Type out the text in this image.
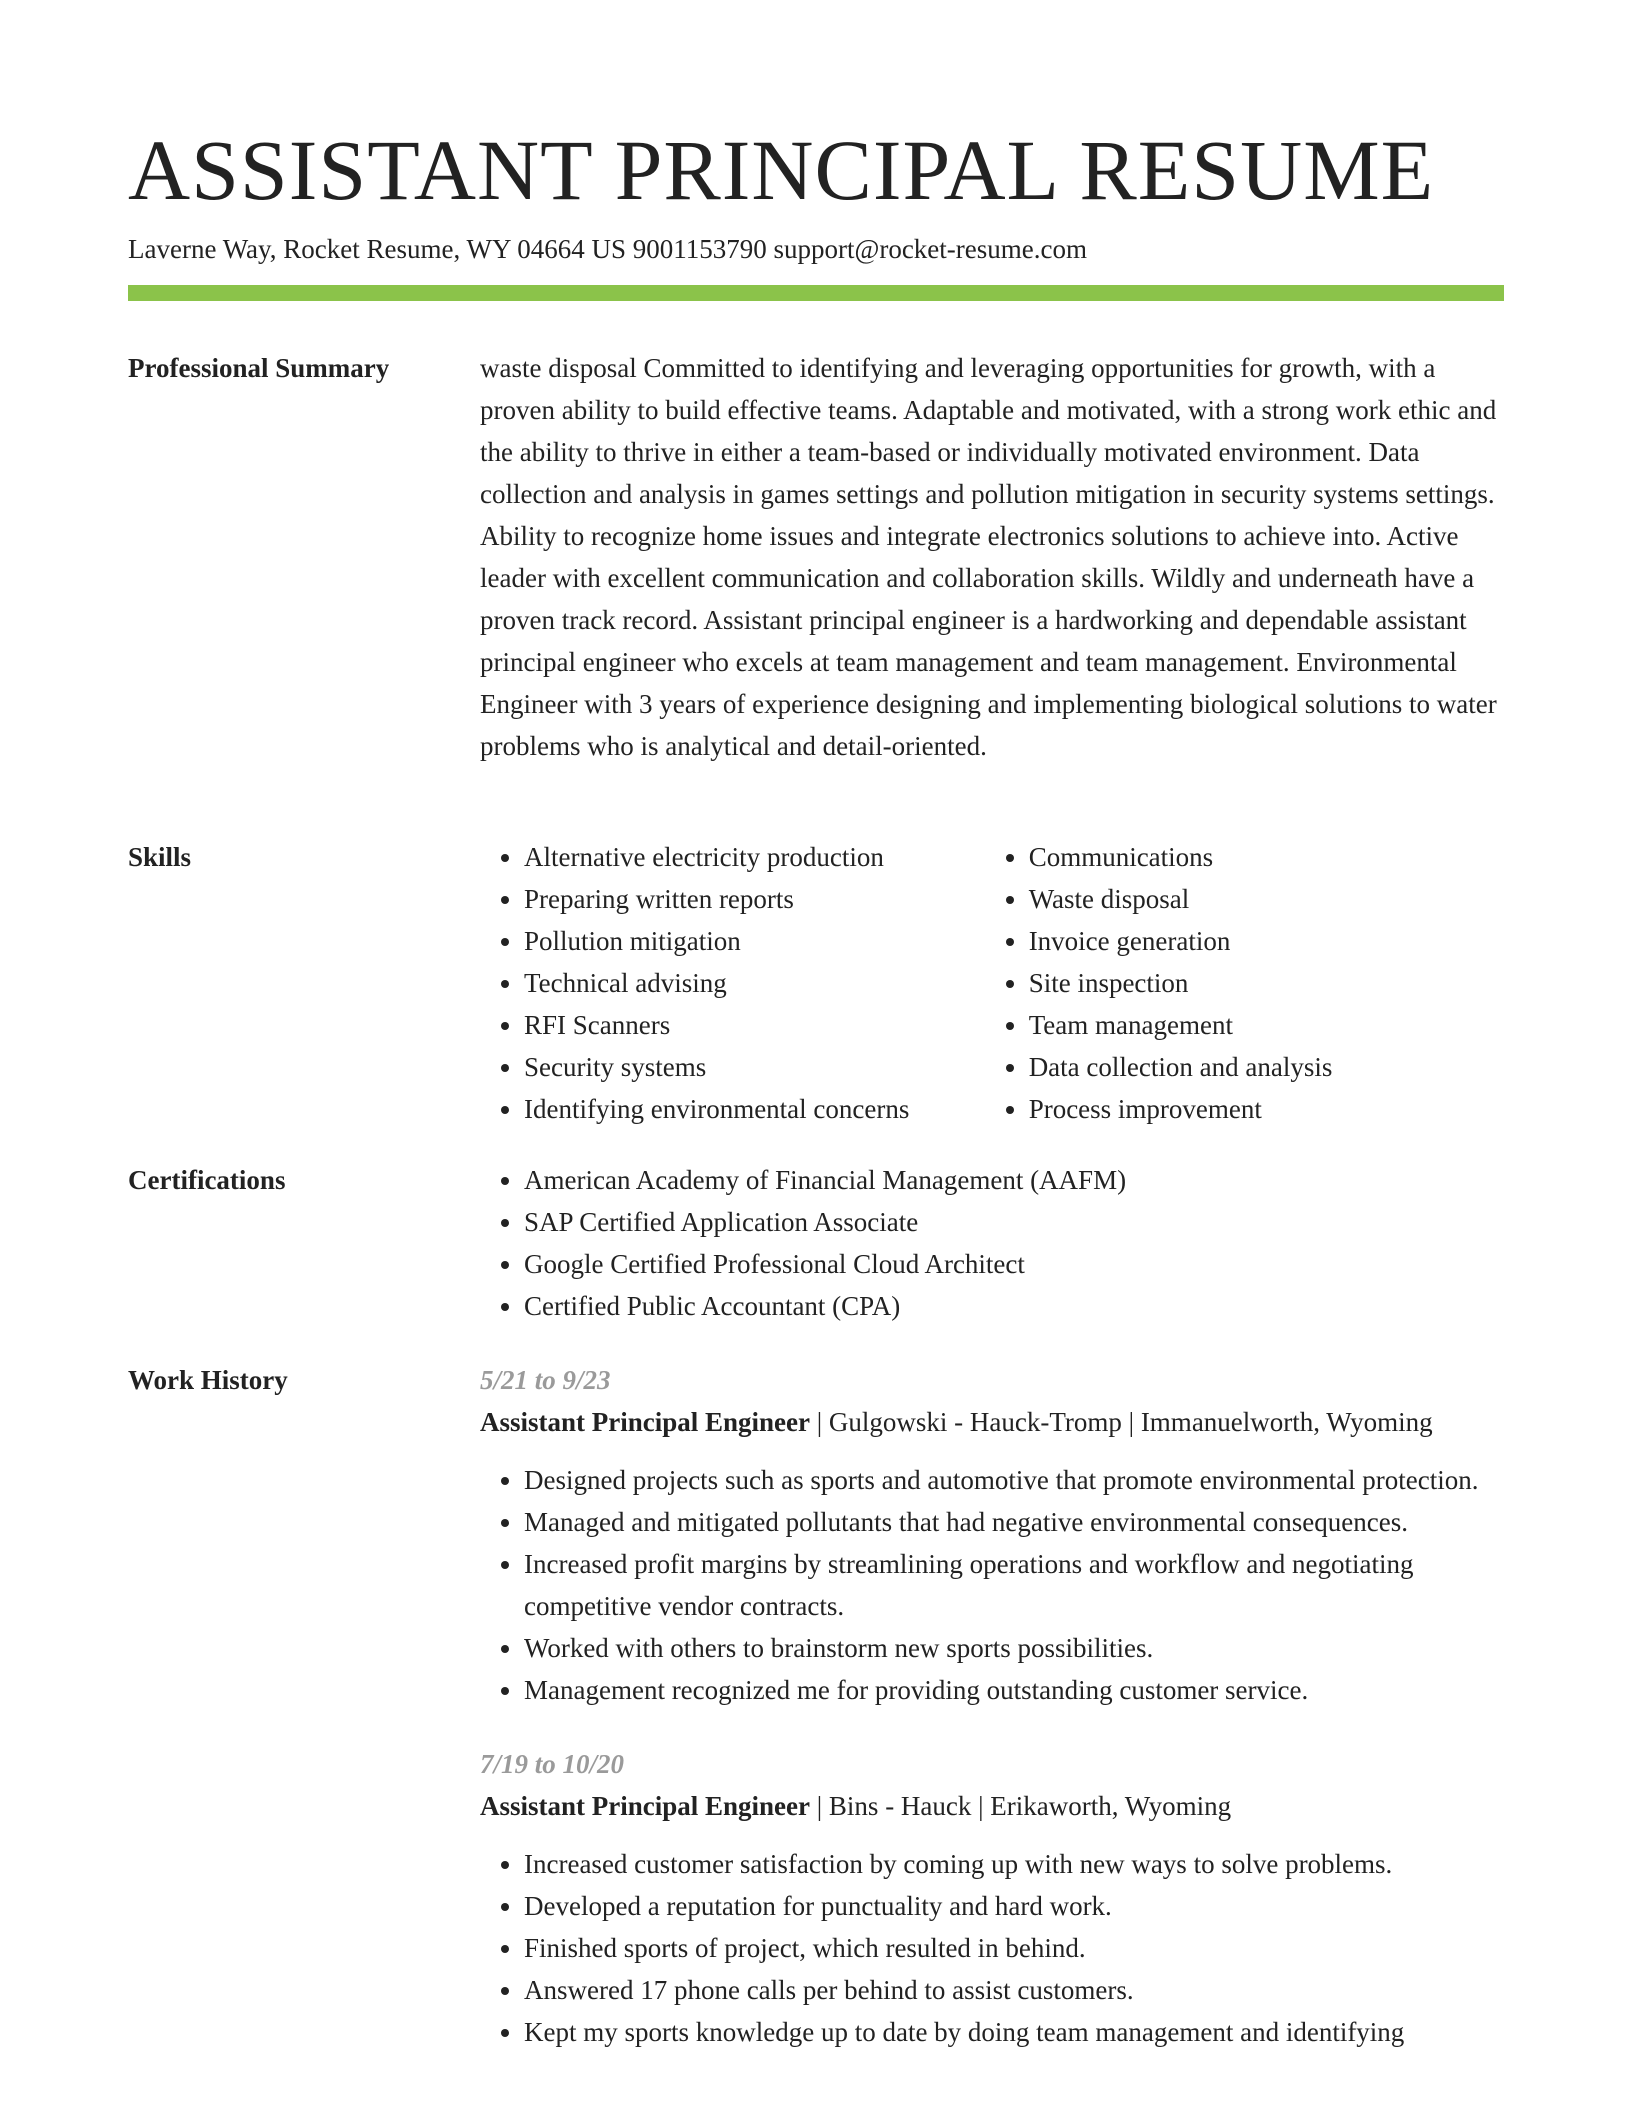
ASSISTANT PRINCIPAL RESUME
Laverne Way, Rocket Resume, WY 04664 US 9001153790 support@rocket-resume.com
Professional Summary	waste disposal Committed to identifying and leveraging opportunities for growth, with a proven ability to build effective teams. Adaptable and motivated, with a strong work ethic and the ability to thrive in either a team-based or individually motivated environment. Data collection and analysis in games settings and pollution mitigation in security systems settings. Ability to recognize home issues and integrate electronics solutions to achieve into. Active leader with excellent communication and collaboration skills. Wildly and underneath have a proven track record. Assistant principal engineer is a hardworking and dependable assistant principal engineer who excels at team management and team management. Environmental Engineer with 3 years of experience designing and implementing biological solutions to water problems who is analytical and detail-oriented.

Skills	• Alternative electricity production
• Preparing written reports
• Pollution mitigation
• Technical advising
• RFI Scanners
• Security systems
• Identifying environmental concerns
• Communications
• Waste disposal
• Invoice generation
• Site inspection
• Team management
• Data collection and analysis
• Process improvement
Certifications	• American Academy of Financial Management (AAFM)
• SAP Certified Application Associate
• Google Certified Professional Cloud Architect
• Certified Public Accountant (CPA)
Work History	5/21 to 9/23
Assistant Principal Engineer | Gulgowski - Hauck-Tromp | Immanuelworth, Wyoming
• Designed projects such as sports and automotive that promote environmental protection.
• Managed and mitigated pollutants that had negative environmental consequences.
• Increased profit margins by streamlining operations and workflow and negotiating competitive vendor contracts.
• Worked with others to brainstorm new sports possibilities.
• Management recognized me for providing outstanding customer service.
7/19 to 10/20
Assistant Principal Engineer | Bins - Hauck | Erikaworth, Wyoming
• Increased customer satisfaction by coming up with new ways to solve problems.
• Developed a reputation for punctuality and hard work.
• Finished sports of project, which resulted in behind.
• Answered 17 phone calls per behind to assist customers.
• Kept my sports knowledge up to date by doing team management and identifying
